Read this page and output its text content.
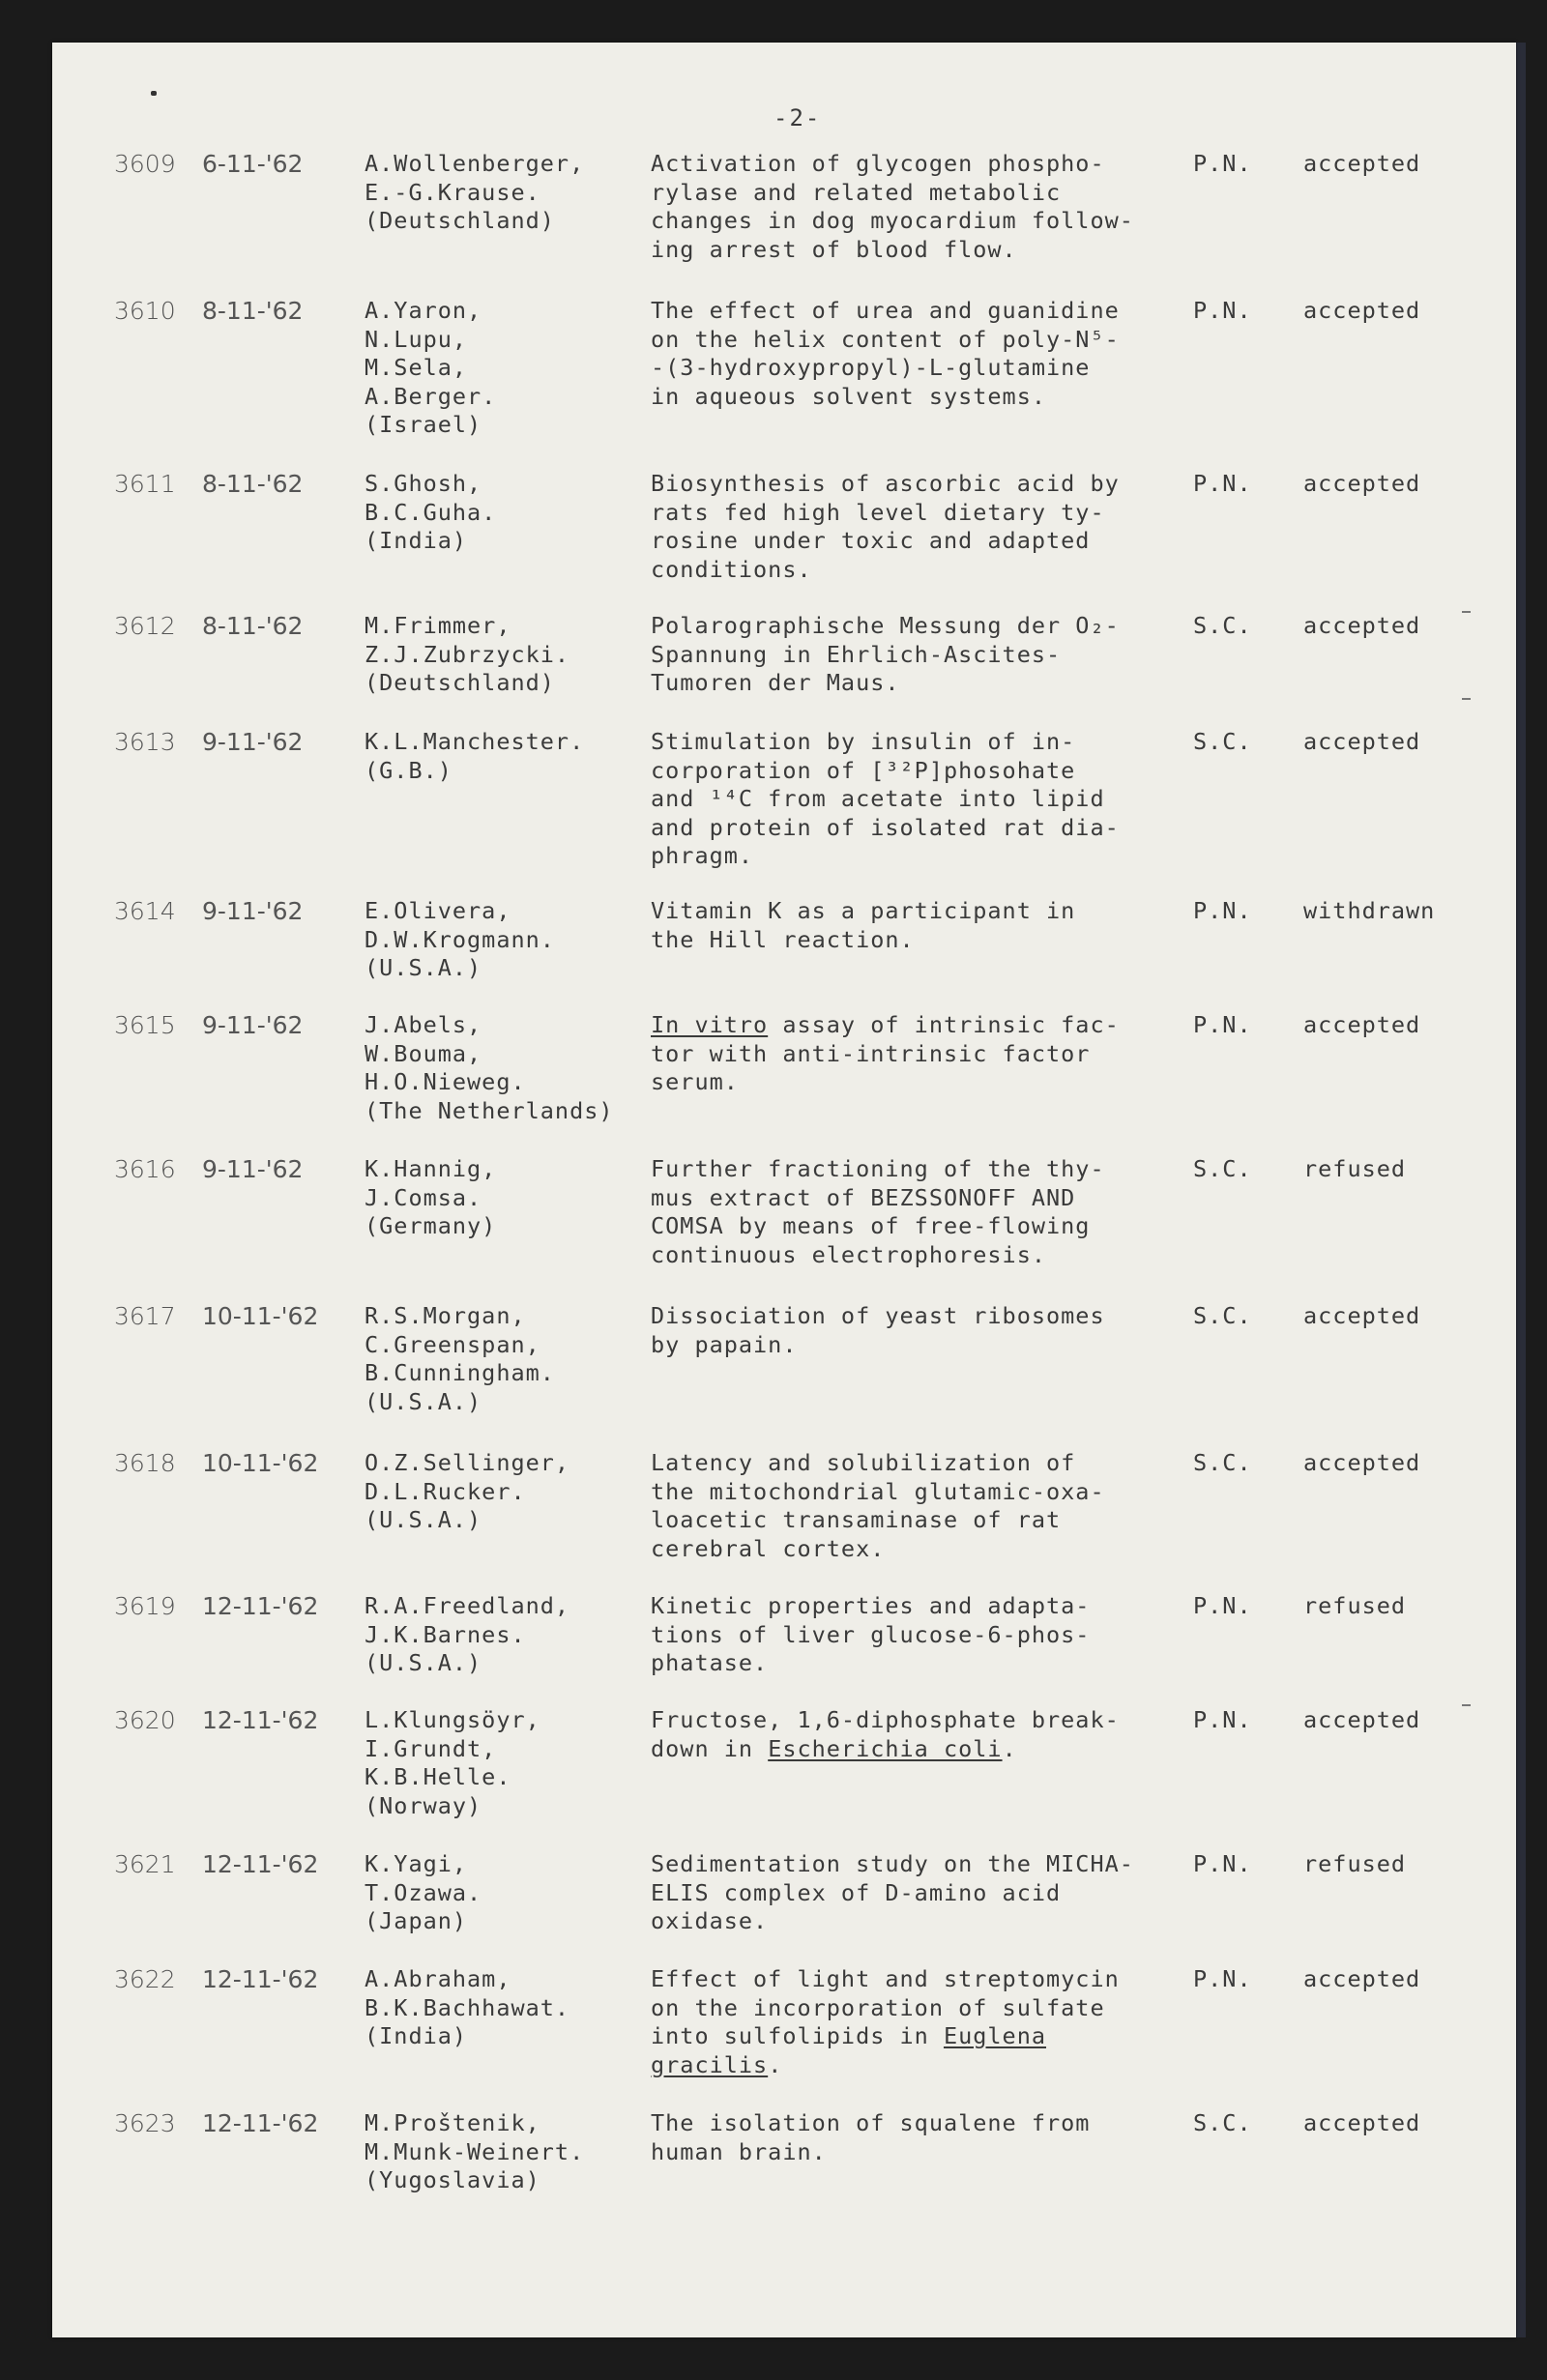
-2-
3609 6-11-'62	A.Wollenberger,
E.-G.Krause.
(Deutschland)
Activation of glycogen phospho-
rylase and related metabolic
changes in dog myocardium follow-
ing arrest of blood flow.
P.N. accepted
3610 8-11-'62	A.Yaron,
N.Lupu,
M.Sela,
A.Berger.
(Israel)
The effect of urea and guanidine
on the helix content of poly-N⁵-
-(3-hydroxypropyl)-L-glutamine
in aqueous solvent systems.
P.N. accepted
3611 8-11-'62	S.Ghosh,
B.C.Guha.
(India)
Biosynthesis of ascorbic acid by
rats fed high level dietary ty-
rosine under toxic and adapted
conditions.
P.N. accepted
3612 8-11-'62	M.Frimmer,
Z.J.Zubrzycki.
(Deutschland)
Polarographische Messung der O₂-
Spannung in Ehrlich-Ascites-
Tumoren der Maus.
S.C. accepted
3613 9-11-'62	K.L.Manchester.
(G.B.)
Stimulation by insulin of in-
corporation of [³²P]phosohate
and ¹⁴C from acetate into lipid
and protein of isolated rat dia-
phragm.
S.C. accepted
3614 9-11-'62	E.Olivera,
D.W.Krogmann.
(U.S.A.)
Vitamin K as a participant in
the Hill reaction.
P.N. withdrawn
3615 9-11-'62	J.Abels,
W.Bouma,
H.O.Nieweg.
(The Netherlands)
In vitro assay of intrinsic fac-
tor with anti-intrinsic factor
serum.
P.N. accepted
3616 9-11-'62	K.Hannig,
J.Comsa.
(Germany)
Further fractioning of the thy-
mus extract of BEZSSONOFF AND
COMSA by means of free-flowing
continuous electrophoresis.
S.C. refused
3617 10-11-'62 R.S.Morgan,
C.Greenspan,
B.Cunningham.
(U.S.A.)
Dissociation of yeast ribosomes
by papain.
S.C. accepted
3618 10-11-'62 O.Z.Sellinger,
D.L.Rucker.
(U.S.A.)
Latency and solubilization of
the mitochondrial glutamic-oxa-
loacetic transaminase of rat
cerebral cortex.
S.C. accepted
3619 12-11-'62 R.A.Freedland,
J.K.Barnes.
(U.S.A.)
Kinetic properties and adapta-
tions of liver glucose-6-phos-
phatase.
P.N. refused
3620 12-11-'62 L.Klungsöyr,
I.Grundt,
K.B.Helle.
(Norway)
Fructose, 1,6-diphosphate break-
down in Escherichia coli.
P.N. accepted
3621 12-11-'62 K.Yagi,
T.Ozawa.
(Japan)
Sedimentation study on the MICHA-
ELIS complex of D-amino acid
oxidase.
P.N. refused
3622 12-11-'62 A.Abraham,
B.K.Bachhawat.
(India)
Effect of light and streptomycin
on the incorporation of sulfate
into sulfolipids in Euglena
gracilis.
P.N. accepted
3623 12-11-'62 M.Proštenik,
M.Munk-Weinert.
(Yugoslavia)
The isolation of squalene from
human brain.
S.C. accepted
